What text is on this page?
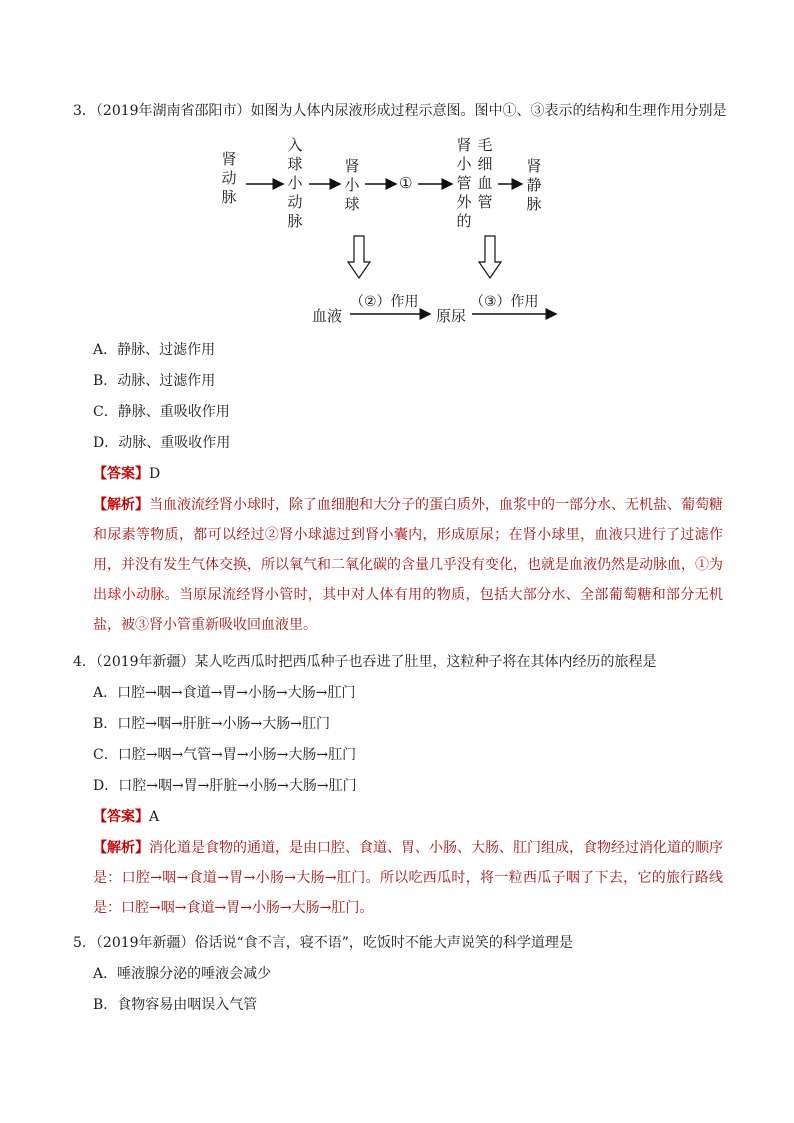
3．（2019年湖南省邵阳市）如图为人体内尿液形成过程示意图。图中①、③表示的结构和生理作用分别是
肾动脉
入球小动脉
肾小球
①
肾小管外的
毛细血管
肾静脉
血液
（②）作用
原尿
（③）作用
A．静脉、过滤作用
B．动脉、过滤作用
C．静脉、重吸收作用
D．动脉、重吸收作用
【答案】D
【解析】当血液流经肾小球时，除了血细胞和大分子的蛋白质外，血浆中的一部分水、无机盐、葡萄糖和尿素等物质，都可以经过②肾小球滤过到肾小囊内，形成原尿；在肾小球里，血液只进行了过滤作用，并没有发生气体交换，所以氧气和二氧化碳的含量几乎没有变化，也就是血液仍然是动脉血，①为出球小动脉。当原尿流经肾小管时，其中对人体有用的物质，包括大部分水、全部葡萄糖和部分无机盐，被③肾小管重新吸收回血液里。
4．（2019年新疆）某人吃西瓜时把西瓜种子也吞进了肚里，这粒种子将在其体内经历的旅程是
A．口腔→咽→食道→胃→小肠→大肠→肛门
B．口腔→咽→肝脏→小肠→大肠→肛门
C．口腔→咽→气管→胃→小肠→大肠→肛门
D．口腔→咽→胃→肝脏→小肠→大肠→肛门
【答案】A
【解析】消化道是食物的通道，是由口腔、食道、胃、小肠、大肠、肛门组成，食物经过消化道的顺序是：口腔→咽→食道→胃→小肠→大肠→肛门。所以吃西瓜时，将一粒西瓜子咽了下去，它的旅行路线是：口腔→咽→食道→胃→小肠→大肠→肛门。
5．（2019年新疆）俗话说“食不言，寝不语”，吃饭时不能大声说笑的科学道理是
A．唾液腺分泌的唾液会减少
B．食物容易由咽误入气管
